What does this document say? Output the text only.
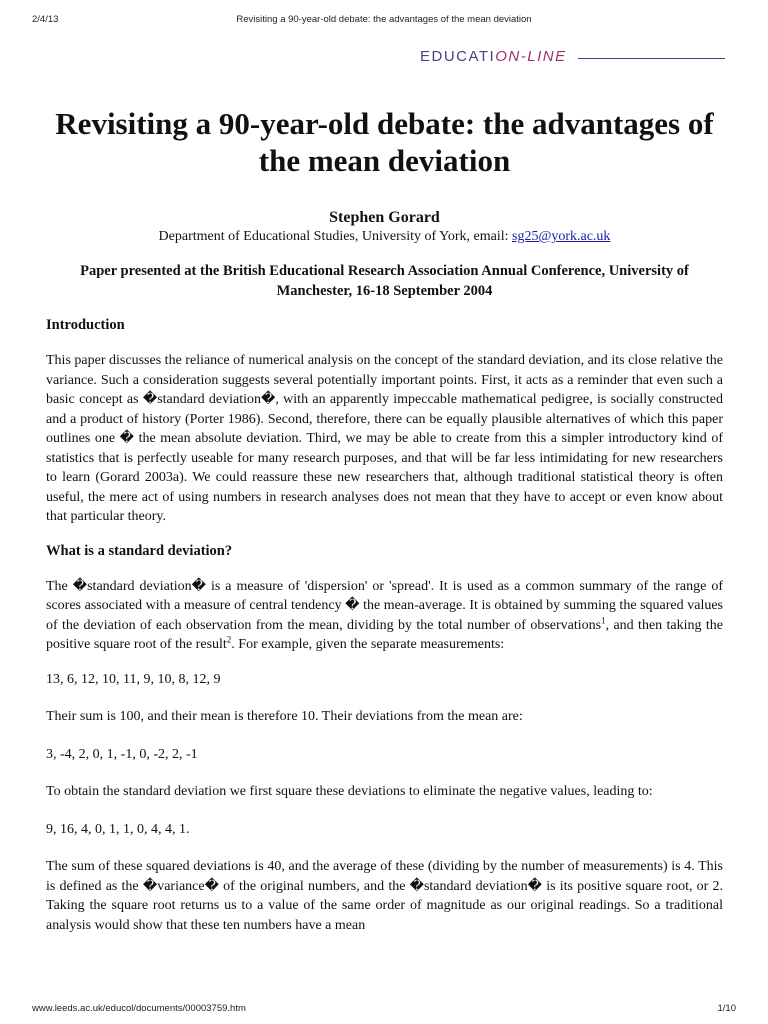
2/4/13	Revisiting a 90-year-old debate: the advantages of the mean deviation
EDUCATION-LINE
Revisiting a 90-year-old debate: the advantages of the mean deviation

Stephen Gorard

Department of Educational Studies, University of York, email: sg25@york.ac.uk

Paper presented at the British Educational Research Association Annual Conference, University of Manchester, 16-18 September 2004

Introduction

This paper discusses the reliance of numerical analysis on the concept of the standard deviation, and its close relative the variance. Such a consideration suggests several potentially important points. First, it acts as a reminder that even such a basic concept as �standard deviation�, with an apparently impeccable mathematical pedigree, is socially constructed and a product of history (Porter 1986). Second, therefore, there can be equally plausible alternatives of which this paper outlines one � the mean absolute deviation. Third, we may be able to create from this a simpler introductory kind of statistics that is perfectly useable for many research purposes, and that will be far less intimidating for new researchers to learn (Gorard 2003a). We could reassure these new researchers that, although traditional statistical theory is often useful, the mere act of using numbers in research analyses does not mean that they have to accept or even know about that particular theory.

What is a standard deviation?

The �standard deviation� is a measure of 'dispersion' or 'spread'. It is used as a common summary of the range of scores associated with a measure of central tendency � the mean-average. It is obtained by summing the squared values of the deviation of each observation from the mean, dividing by the total number of observations$^1$, and then taking the positive square root of the result$^2$. For example, given the separate measurements:

13, 6, 12, 10, 11, 9, 10, 8, 12, 9

Their sum is 100, and their mean is therefore 10. Their deviations from the mean are:

3, -4, 2, 0, 1, -1, 0, -2, 2, -1

To obtain the standard deviation we first square these deviations to eliminate the negative values, leading to:

9, 16, 4, 0, 1, 1, 0, 4, 4, 1.

The sum of these squared deviations is 40, and the average of these (dividing by the number of measurements) is 4. This is defined as the �variance� of the original numbers, and the �standard deviation� is its positive square root, or 2. Taking the square root returns us to a value of the same order of magnitude as our original readings. So a traditional analysis would show that these ten numbers have a mean

www.leeds.ac.uk/educol/documents/00003759.htm	1/10
